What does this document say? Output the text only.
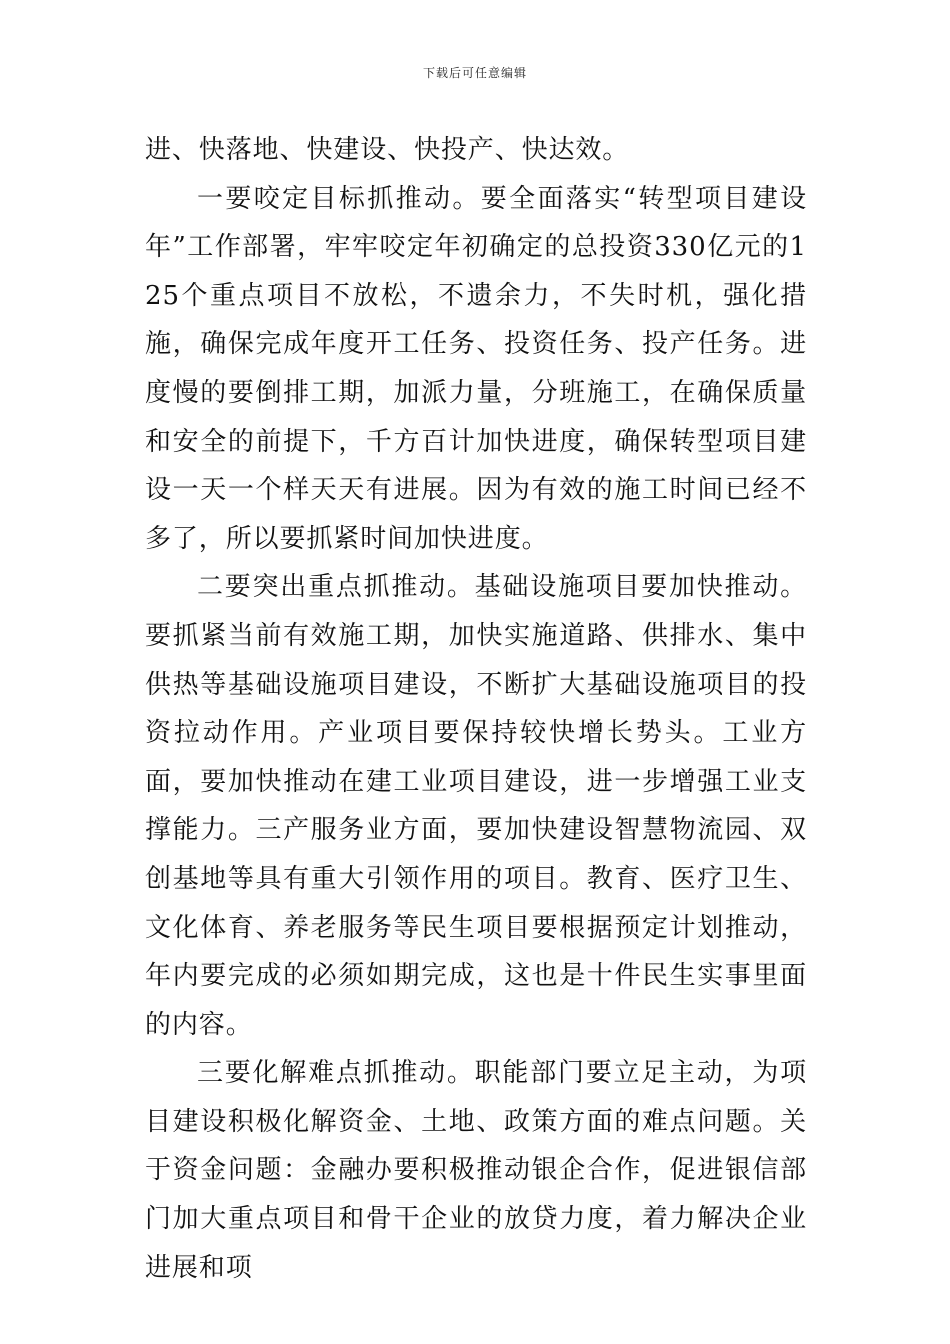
下载后可任意编辑

进、快落地、快建设、快投产、快达效。

一要咬定目标抓推动。要全面落实“转型项目建设年”工作部署，牢牢咬定年初确定的总投资330亿元的125个重点项目不放松，不遗余力，不失时机，强化措施，确保完成年度开工任务、投资任务、投产任务。进度慢的要倒排工期，加派力量，分班施工，在确保质量和安全的前提下，千方百计加快进度，确保转型项目建设一天一个样天天有进展。因为有效的施工时间已经不多了，所以要抓紧时间加快进度。

二要突出重点抓推动。基础设施项目要加快推动。要抓紧当前有效施工期，加快实施道路、供排水、集中供热等基础设施项目建设，不断扩大基础设施项目的投资拉动作用。产业项目要保持较快增长势头。工业方面，要加快推动在建工业项目建设，进一步增强工业支撑能力。三产服务业方面，要加快建设智慧物流园、双创基地等具有重大引领作用的项目。教育、医疗卫生、文化体育、养老服务等民生项目要根据预定计划推动，年内要完成的必须如期完成，这也是十件民生实事里面的内容。

三要化解难点抓推动。职能部门要立足主动，为项目建设积极化解资金、土地、政策方面的难点问题。关于资金问题：金融办要积极推动银企合作，促进银信部门加大重点项目和骨干企业的放贷力度，着力解决企业进展和项
